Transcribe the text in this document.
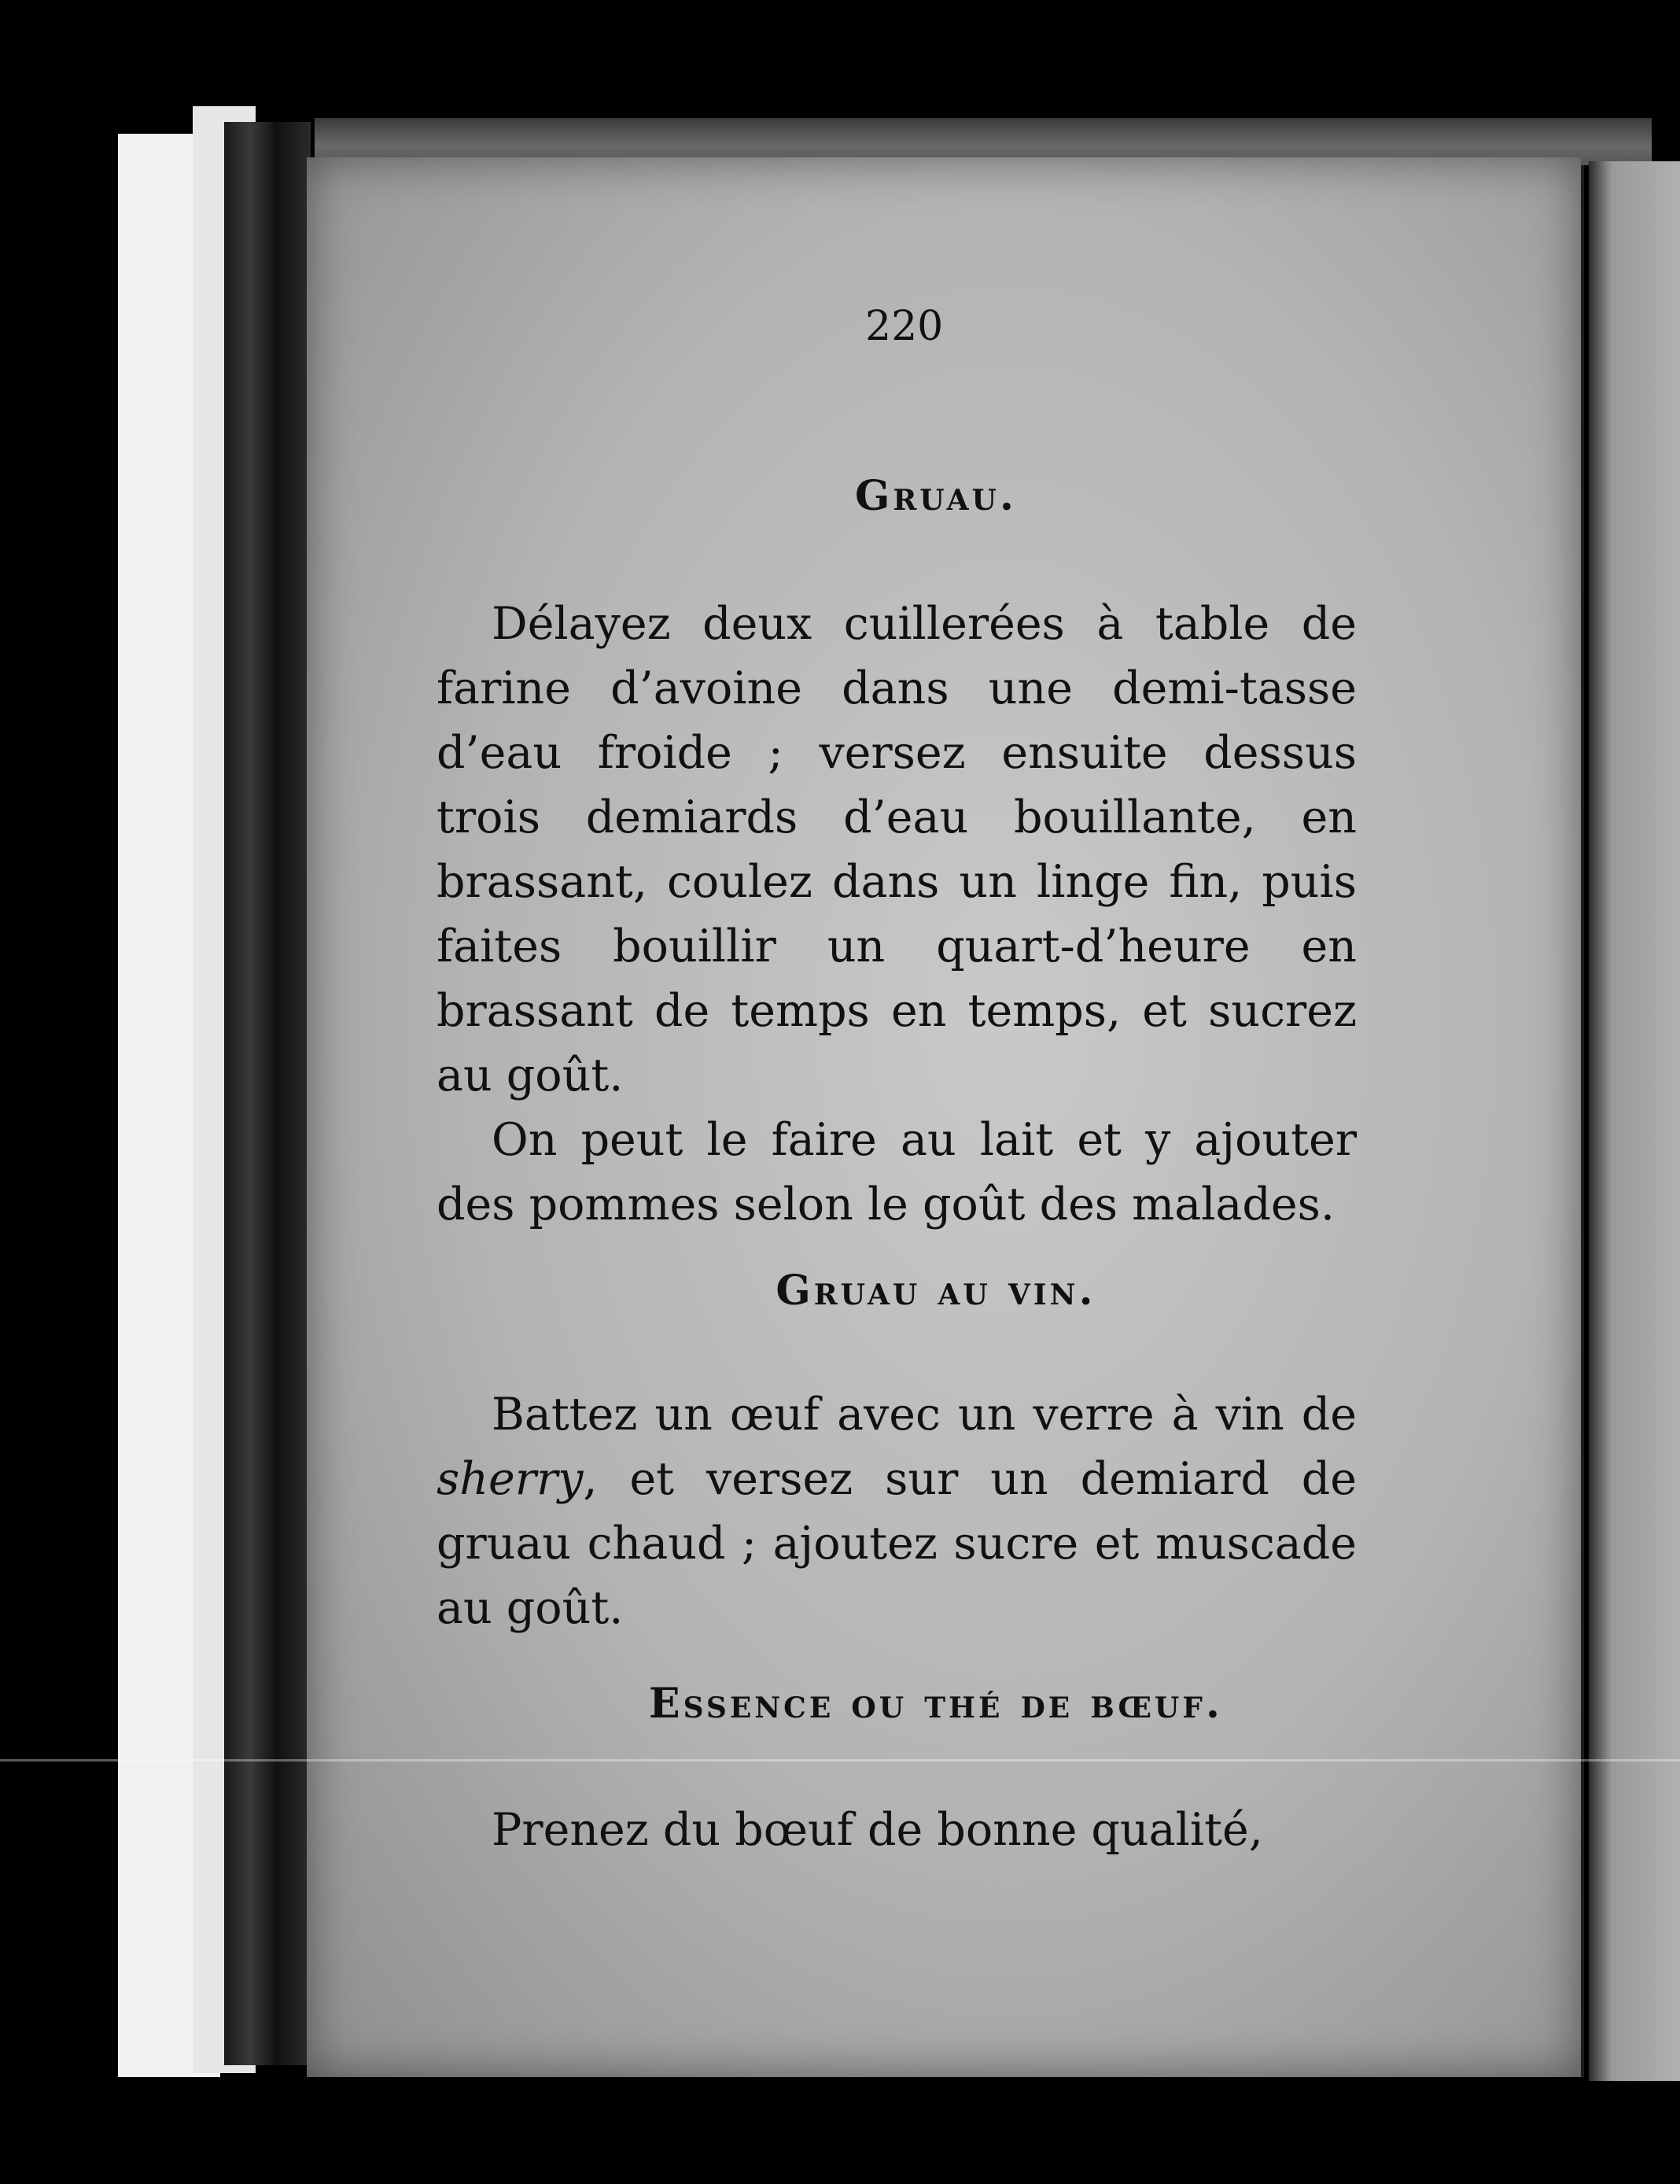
220
Gruau.

Délayez deux cuillerées à table de farine d’avoine dans une demi-tasse d’eau froide ; versez ensuite dessus trois demiards d’eau bouillante, en brassant, coulez dans un linge fin, puis faites bouillir un quart-d’heure en brassant de temps en temps, et sucrez au goût.

On peut le faire au lait et y ajouter des pommes selon le goût des malades.

Gruau au vin.

Battez un œuf avec un verre à vin de sherry, et versez sur un demiard de gruau chaud ; ajoutez sucre et muscade au goût.

Essence ou thé de bœuf.

Prenez du bœuf de bonne qualité,
